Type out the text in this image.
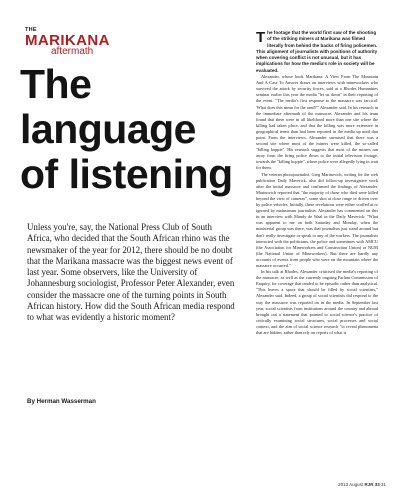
THE
MARIKANA
aftermath
The language of listening

Unless you're, say, the National Press Club of South Africa, who decided that the South African rhino was the newsmaker of the year for 2012, there should be no doubt that the Marikana massacre was the biggest news event of last year. Some observers, like the University of Johannesburg sociologist, Professor Peter Alexander, even consider the massacre one of the turning points in South African history. How did the South African media respond to what was evidently a historic moment?

By Herman Wasserman

The footage that the world first saw of the shooting of the striking miners at Marikana was filmed literally from behind the backs of firing policemen. This alignment of journalists with positions of authority when covering conflict is not unusual, but it has implications for how the media's role in society will be evaluated.

Alexander, whose book Marikana: A View From The Mountain And A Case To Answer draws on interviews with mineworkers who survived the attack by security forces, said at a Rhodes Humanities seminar earlier this year the media "let us down" in their reporting of the event. "The media's first response to the massacre was farcical: 'What does this mean for the rand?'" Alexander said. In his research in the immediate aftermath of the massacre, Alexander and his team found that there were in all likelihood more than one site where the killing had taken place, and that the killing was more extensive in geographical terms than had been reported in the media up until that point. From the interviews, Alexander surmised that there was a second site where most of the miners were killed, the so-called "killing koppie". His research suggests that most of the miners ran away from the firing police down to the initial television footage, towards the "killing koppie", where police were allegedly lying in wait for them.

The veteran photojournalist, Greg Marinovich, writing for the web publication Daily Maverick, also did follow-up investigative work after the initial massacre and confirmed the findings of Alexander. Marinovich reported that "the majority of those who died were killed beyond the view of cameras", some shot at close range or driven over by police vehicles. Initially, these revelations were either scoffed at or ignored by mainstream journalists. Alexander has commented on this in an interview with Mandy de Waal in the Daily Maverick: "What was apparent to me on both Saturday and Monday, when the ministerial group was there, was that journalists just stand around but don't really investigate or speak to any of the workers. The journalists interacted with the politicians, the police and sometimes with AMCU (the Association for Mineworkers and Construction Union) or NUM (the National Union of Mineworkers). But there are hardly any accounts of events from people who were on the mountain where the massacre occurred."

In his talk at Rhodes, Alexander criticised the media's reporting of the massacre, as well as the currently ongoing Farlam Commission of Enquiry, for coverage that tended to be episodic rather than analytical. "This leaves a space that should be filled by social scientists," Alexander said. Indeed, a group of social scientists did respond to the way the massacre was reported on in the media. In September last year, social scientists from institutions around the country and abroad brought out a statement that pointed to social science's practice of critically examining social structures, social processes and social context, and the aim of social science research "to reveal phenomena that are hidden, rather than rely on reports of what is

2013 August RJR 33 31
